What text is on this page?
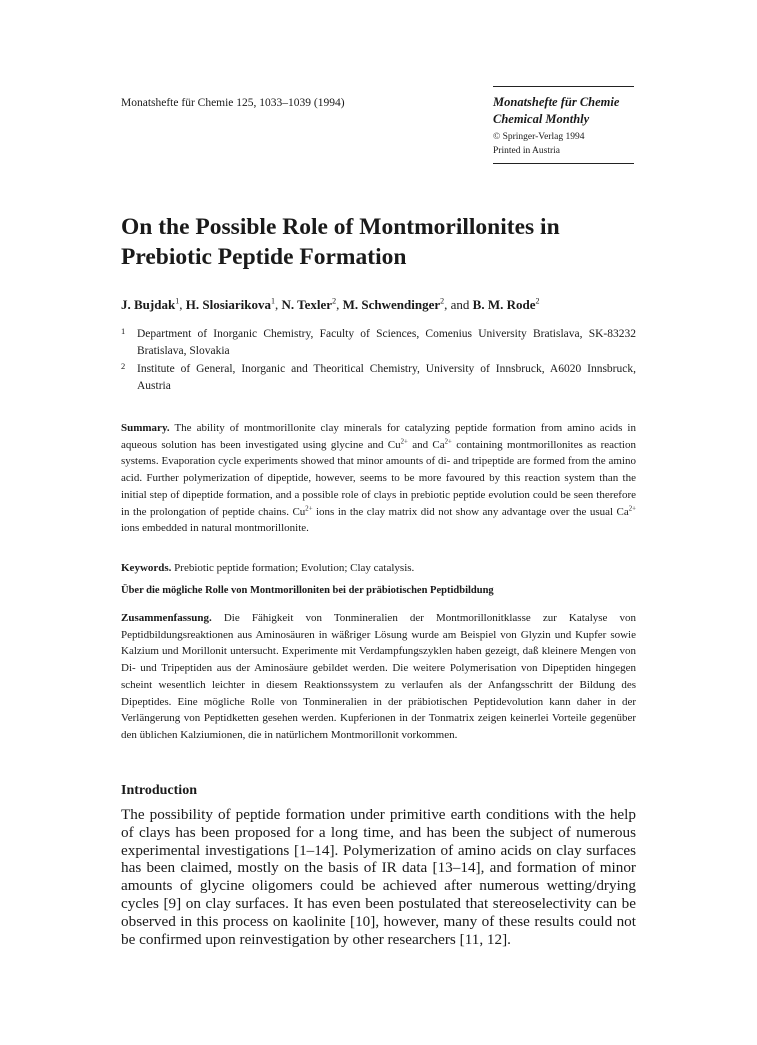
Monatshefte für Chemie 125, 1033–1039 (1994)	Monatshefte für Chemie
Chemical Monthly
© Springer-Verlag 1994
Printed in Austria
On the Possible Role of Montmorillonites in
Prebiotic Peptide Formation
J. Bujdak$^1$, H. Slosiarikova$^1$, N. Texler$^2$, M. Schwendinger$^2$, and B. M. Rode$^2$
1	Department of Inorganic Chemistry, Faculty of Sciences, Comenius University Bratislava, SK-83232 Bratislava, Slovakia
2	Institute of General, Inorganic and Theoritical Chemistry, University of Innsbruck, A6020 Innsbruck, Austria
Summary. The ability of montmorillonite clay minerals for catalyzing peptide formation from amino acids in aqueous solution has been investigated using glycine and $Cu^{2+}$ and $Ca^{2+}$ containing montmorillonites as reaction systems. Evaporation cycle experiments showed that minor amounts of di- and tripeptide are formed from the amino acid. Further polymerization of dipeptide, however, seems to be more favoured by this reaction system than the initial step of dipeptide formation, and a possible role of clays in prebiotic peptide evolution could be seen therefore in the prolongation of peptide chains. $Cu^{2+}$ ions in the clay matrix did not show any advantage over the usual $Ca^{2+}$ ions embedded in natural montmorillonite.
Keywords. Prebiotic peptide formation; Evolution; Clay catalysis.
Über die mögliche Rolle von Montmorilloniten bei der präbiotischen Peptidbildung
Zusammenfassung. Die Fähigkeit von Tonmineralien der Montmorillonitklasse zur Katalyse von Peptidbildungsreaktionen aus Aminosäuren in wäßriger Lösung wurde am Beispiel von Glyzin und Kupfer sowie Kalzium und Morillonit untersucht. Experimente mit Verdampfungszyklen haben gezeigt, daß kleinere Mengen von Di- und Tripeptiden aus der Aminosäure gebildet werden. Die weitere Polymerisation von Dipeptiden hingegen scheint wesentlich leichter in diesem Reaktionssystem zu verlaufen als der Anfangsschritt der Bildung des Dipeptides. Eine mögliche Rolle von Tonmineralien in der präbiotischen Peptidevolution kann daher in der Verlängerung von Peptidketten gesehen werden. Kupferionen in der Tonmatrix zeigen keinerlei Vorteile gegenüber den üblichen Kalziumionen, die in natürlichem Montmorillonit vorkommen.
Introduction
The possibility of peptide formation under primitive earth conditions with the help of clays has been proposed for a long time, and has been the subject of numerous experimental investigations [1–14]. Polymerization of amino acids on clay surfaces has been claimed, mostly on the basis of IR data [13–14], and formation of minor amounts of glycine oligomers could be achieved after numerous wetting/drying cycles [9] on clay surfaces. It has even been postulated that stereoselectivity can be observed in this process on kaolinite [10], however, many of these results could not be confirmed upon reinvestigation by other researchers [11, 12].
